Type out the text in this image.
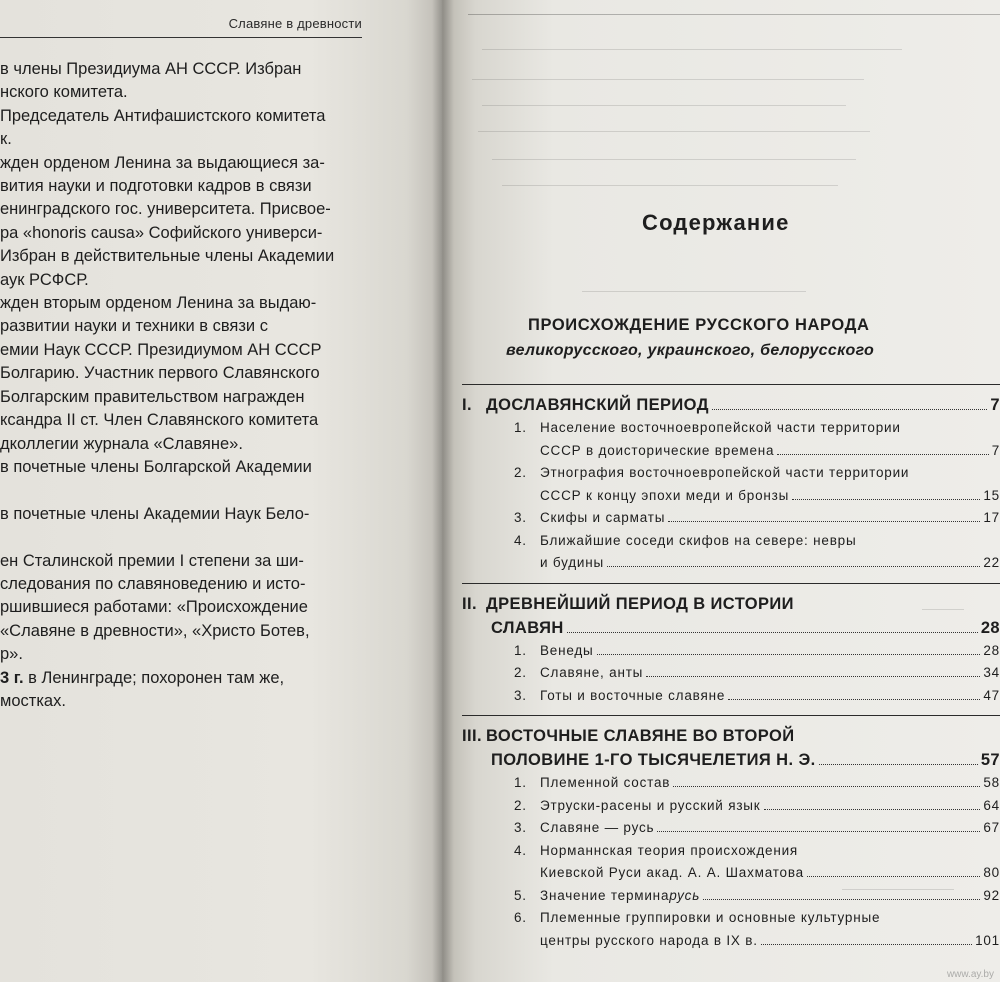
Славяне в древности
в члены Президиума АН СССР. Избран
нского комитета.
Председатель Антифашистского комитета
к.
жден орденом Ленина за выдающиеся за-
вития науки и подготовки кадров в связи
енинградского гос. университета. Присвое-
ра «honoris causa» Софийского универси-
Избран в действительные члены Академии
аук РСФСР.
жден вторым орденом Ленина за выдаю-
развитии науки и техники в связи с
емии Наук СССР. Президиумом АН СССР
Болгарию. Участник первого Славянского
Болгарским правительством награжден
ксандра II ст. Член Славянского комитета
дколлегии журнала «Славяне».
в почетные члены Болгарской Академии

в почетные члены Академии Наук Бело-

ен Сталинской премии I степени за ши-
следования по славяноведению и исто-
ршившиеся работами: «Происхождение
«Славяне в древности», «Христо Ботев,
р».
3 г. в Ленинграде; похоронен там же,
мостках.
——————————————————————————————
————————————————————————————
——————————————————————————
————————————————————————————
——————————————————————————
————————————————————————
————————————————
———
————————
Содержание
ПРОИСХОЖДЕНИЕ РУССКОГО НАРОДА
великорусского, украинского, белорусского
I. ДОСЛАВЯНСКИЙ ПЕРИОД	7
1. Население восточноевропейской части территории
СССР в доисторические времена	7
2. Этнография восточноевропейской части территории
СССР к концу эпохи меди и бронзы	15
3. Скифы и сарматы	17
4. Ближайшие соседи скифов на севере: невры
и будины	22
II. ДРЕВНЕЙШИЙ ПЕРИОД В ИСТОРИИ
СЛАВЯН	28
1. Венеды	28
2. Славяне, анты	34
3. Готы и восточные славяне	47
III. ВОСТОЧНЫЕ СЛАВЯНЕ ВО ВТОРОЙ
ПОЛОВИНЕ 1-ГО ТЫСЯЧЕЛЕТИЯ Н. Э.	57
1. Племенной состав	58
2. Этруски-расены и русский язык	64
3. Славяне — русь	67
4. Норманнская теория происхождения
Киевской Руси акад. А. А. Шахматова	80
5. Значение термина русь	92
6. Племенные группировки и основные культурные
центры русского народа в IX в.	101
www.ay.by
